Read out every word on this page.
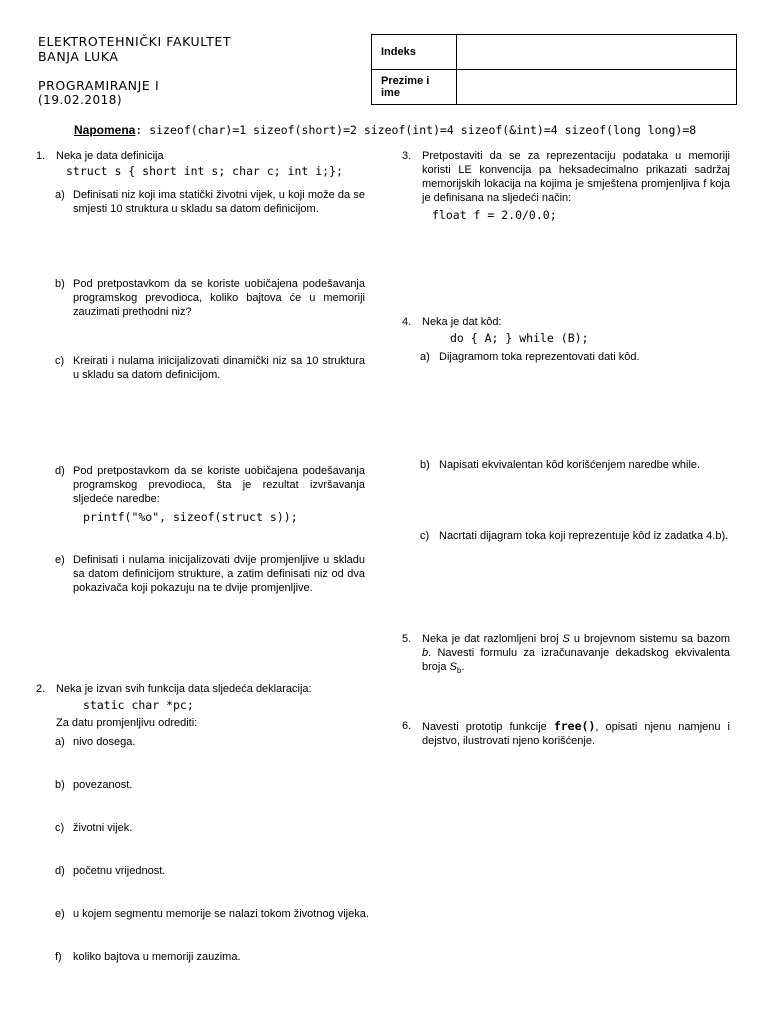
ELEKTROTEHNIČKI FAKULTET
BANJA LUKA
PROGRAMIRANJE I
(19.02.2018)
Indeks	
Prezime i ime	
Napomena: sizeof(char)=1 sizeof(short)=2 sizeof(int)=4 sizeof(&int)=4 sizeof(long long)=8
1. Neka je data definicija
struct s { short int s; char c; int i;};
a) Definisati niz koji ima statički životni vijek, u koji može da se smjesti 10 struktura u skladu sa datom definicijom.
b) Pod pretpostavkom da se koriste uobičajena podešavanja programskog prevodioca, koliko bajtova će u memoriji zauzimati prethodni niz?
c) Kreirati i nulama inicijalizovati dinamički niz sa 10 struktura u skladu sa datom definicijom.
d) Pod pretpostavkom da se koriste uobičajena podešavanja programskog prevodioca, šta je rezultat izvršavanja sljedeće naredbe:
printf("%o", sizeof(struct s));
e) Definisati i nulama inicijalizovati dvije promjenljive u skladu sa datom definicijom strukture, a zatim definisati niz od dva pokazivača koji pokazuju na te dvije promjenljive.
2. Neka je izvan svih funkcija data sljedeća deklaracija:
static char *pc;
Za datu promjenljivu odrediti:
a) nivo dosega.
b) povezanost.
c) životni vijek.
d) početnu vrijednost.
e) u kojem segmentu memorije se nalazi tokom životnog vijeka.
f) koliko bajtova u memoriji zauzima.
3. Pretpostaviti da se za reprezentaciju podataka u memoriji koristi LE konvencija pa heksadecimalno prikazati sadržaj memorijskih lokacija na kojima je smještena promjenljiva f koja je definisana na sljedeći način:
float f = 2.0/0.0;
4. Neka je dat kôd:
do { A; } while (B);
a) Dijagramom toka reprezentovati dati kôd.
b) Napisati ekvivalentan kôd korišćenjem naredbe while.
c) Nacrtati dijagram toka koji reprezentuje kôd iz zadatka 4.b).
5. Neka je dat razlomljeni broj S u brojevnom sistemu sa bazom b. Navesti formulu za izračunavanje dekadskog ekvivalenta broja $S_b$.
6. Navesti prototip funkcije free(), opisati njenu namjenu i dejstvo, ilustrovati njeno korišćenje.
